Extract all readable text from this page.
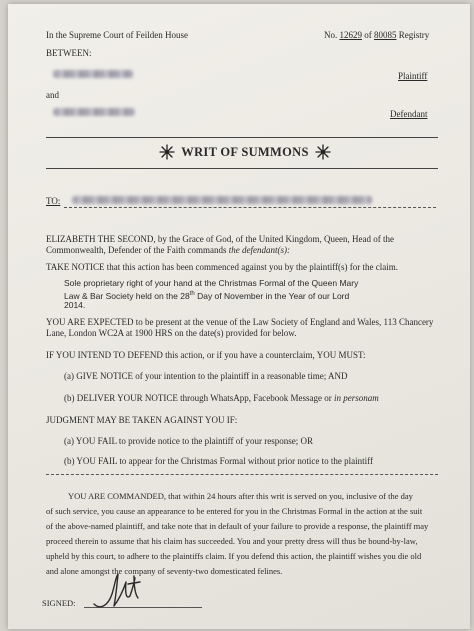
In the Supreme Court of Feilden House	No. 12629 of 80085 Registry
BETWEEN:
Plaintiff
and
Defendant
WRIT OF SUMMONS
TO:
ELIZABETH THE SECOND, by the Grace of God, of the United Kingdom, Queen, Head of the
Commonwealth, Defender of the Faith commands the defendant(s):
TAKE NOTICE that this action has been commenced against you by the plaintiff(s) for the claim.
Sole proprietary right of your hand at the Christmas Formal of the Queen Mary
Law & Bar Society held on the 28th Day of November in the Year of our Lord
2014.
YOU ARE EXPECTED to be present at the venue of the Law Society of England and Wales, 113 Chancery
Lane, London WC2A at 1900 HRS on the date(s) provided for below.
IF YOU INTEND TO DEFEND this action, or if you have a counterclaim, YOU MUST:
(a) GIVE NOTICE of your intention to the plaintiff in a reasonable time; AND
(b) DELIVER YOUR NOTICE through WhatsApp, Facebook Message or in personam
JUDGMENT MAY BE TAKEN AGAINST YOU IF:
(a) YOU FAIL to provide notice to the plaintiff of your response; OR
(b) YOU FAIL to appear for the Christmas Formal without prior notice to the plaintiff
YOU ARE COMMANDED, that within 24 hours after this writ is served on you, inclusive of the day
of such service, you cause an appearance to be entered for you in the Christmas Formal in the action at the suit
of the above-named plaintiff, and take note that in default of your failure to provide a response, the plaintiff may
proceed therein to assume that his claim has succeeded. You and your pretty dress will thus be bound-by-law,
upheld by this court, to adhere to the plaintiffs claim. If you defend this action, the plaintiff wishes you die old
and alone amongst the company of seventy-two domesticated felines.
SIGNED:
